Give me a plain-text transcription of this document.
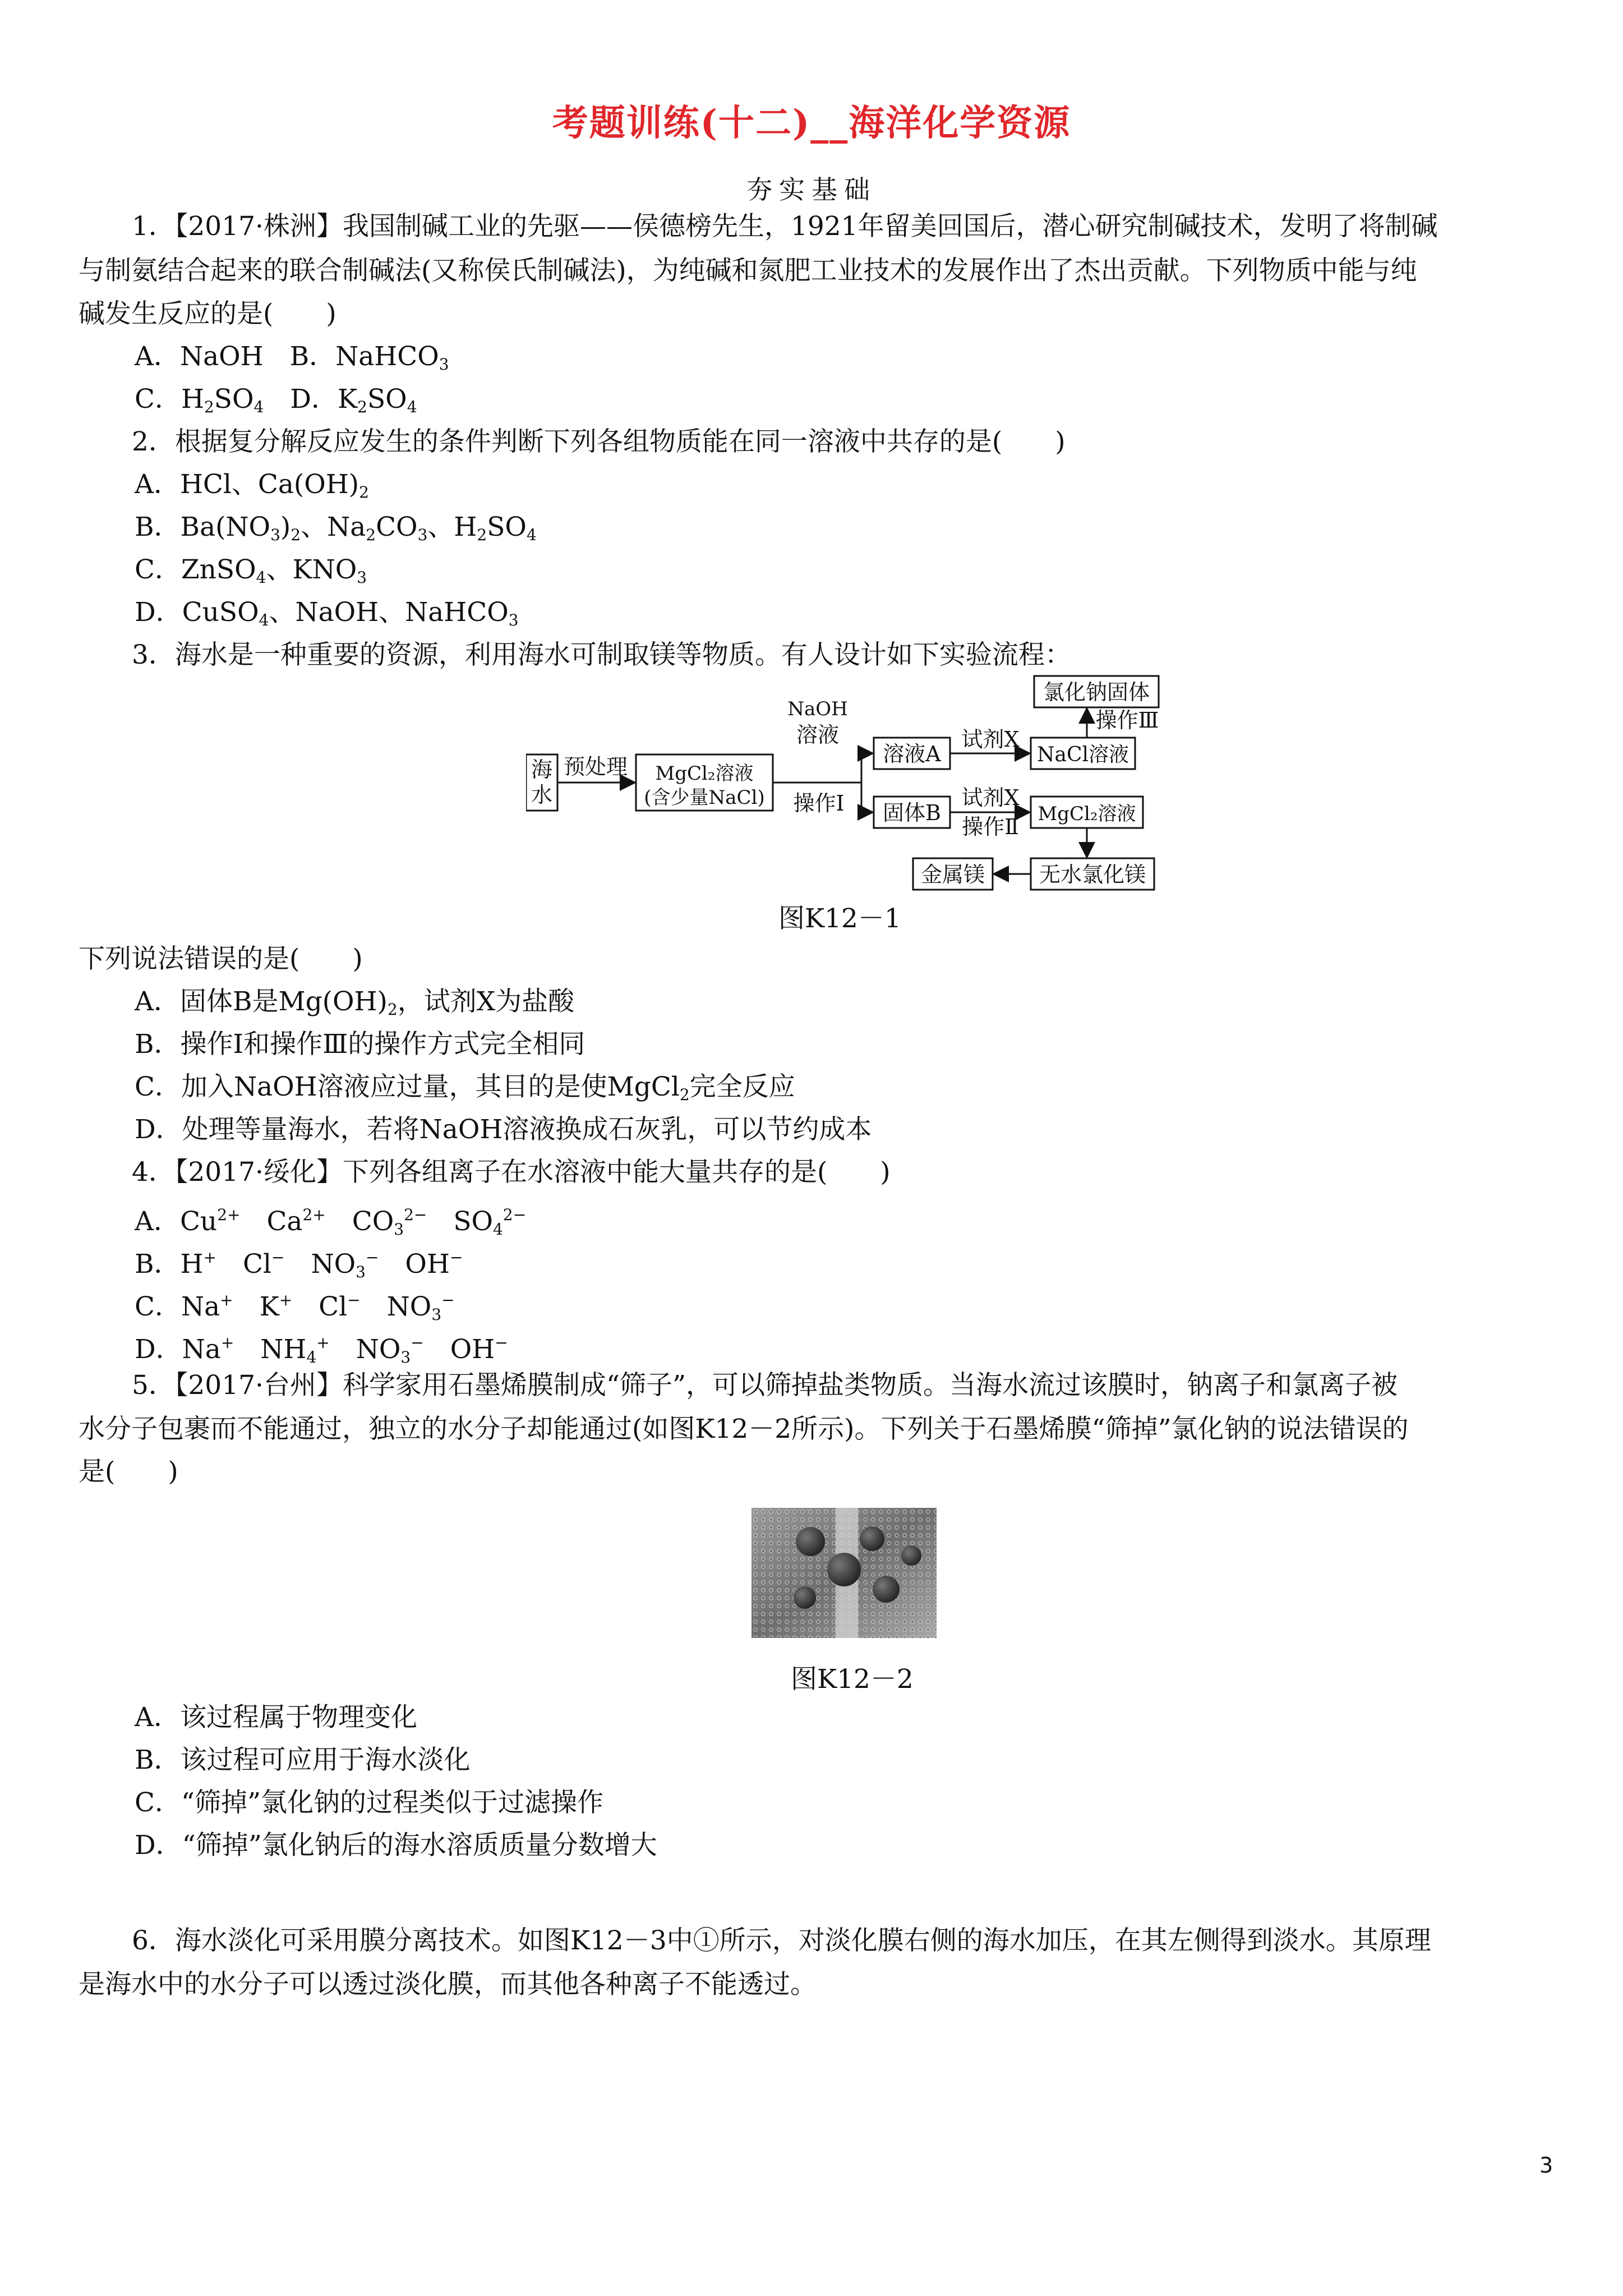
考题训练(十二)__海洋化学资源
夯实基础
1．【2017·株洲】我国制碱工业的先驱——侯德榜先生，1921年留美回国后，潜心研究制碱技术，发明了将制碱
与制氨结合起来的联合制碱法(又称侯氏制碱法)，为纯碱和氮肥工业技术的发展作出了杰出贡献。下列物质中能与纯
碱发生反应的是(　　)
A．NaOH　B．NaHCO$_3$
C．$H_2SO_4$　D．$K_2SO_4$
2．根据复分解反应发生的条件判断下列各组物质能在同一溶液中共存的是(　　)
A．HCl、$Ca(OH)_2$
B．$Ba(NO_3)_2$、$Na_2CO_3$、$H_2SO_4$
C．ZnSO$_4$、$KNO_3$
D．CuSO$_4$、NaOH、NaHCO$_3$
3．海水是一种重要的资源，利用海水可制取镁等物质。有人设计如下实验流程：
海
水
预处理 MgCl₂溶液
(含少量NaCl)
NaOH
溶液
操作Ⅰ
溶液A
固体B
试剂X
试剂X
操作Ⅱ
操作Ⅲ
NaCl溶液
氯化钠固体
MgCl₂溶液
无水氯化镁
金属镁
图K12－1
下列说法错误的是(　　)
A．固体B是$Mg(OH)_2$，试剂X为盐酸
B．操作Ⅰ和操作Ⅲ的操作方式完全相同
C．加入NaOH溶液应过量，其目的是使MgCl$_2$完全反应
D．处理等量海水，若将NaOH溶液换成石灰乳，可以节约成本
4．【2017·绥化】下列各组离子在水溶液中能大量共存的是(　　)
A．$Cu^{2+}$　$Ca^{2+}$　$CO_3^{2-}$　$SO_4^{2-}$
B．H+　Cl−　$NO_3^-$　OH−
C．Na+　K+　Cl−　$NO_3^-$
D．Na+　$NH_4^+$　$NO_3^-$　OH−
5．【2017·台州】科学家用石墨烯膜制成“筛子”，可以筛掉盐类物质。当海水流过该膜时，钠离子和氯离子被
水分子包裹而不能通过，独立的水分子却能通过(如图K12－2所示)。下列关于石墨烯膜“筛掉”氯化钠的说法错误的
是(　　)
图K12－2
A．该过程属于物理变化
B．该过程可应用于海水淡化
C．“筛掉”氯化钠的过程类似于过滤操作
D．“筛掉”氯化钠后的海水溶质质量分数增大
6．海水淡化可采用膜分离技术。如图K12－3中①所示，对淡化膜右侧的海水加压，在其左侧得到淡水。其原理
是海水中的水分子可以透过淡化膜，而其他各种离子不能透过。
3
